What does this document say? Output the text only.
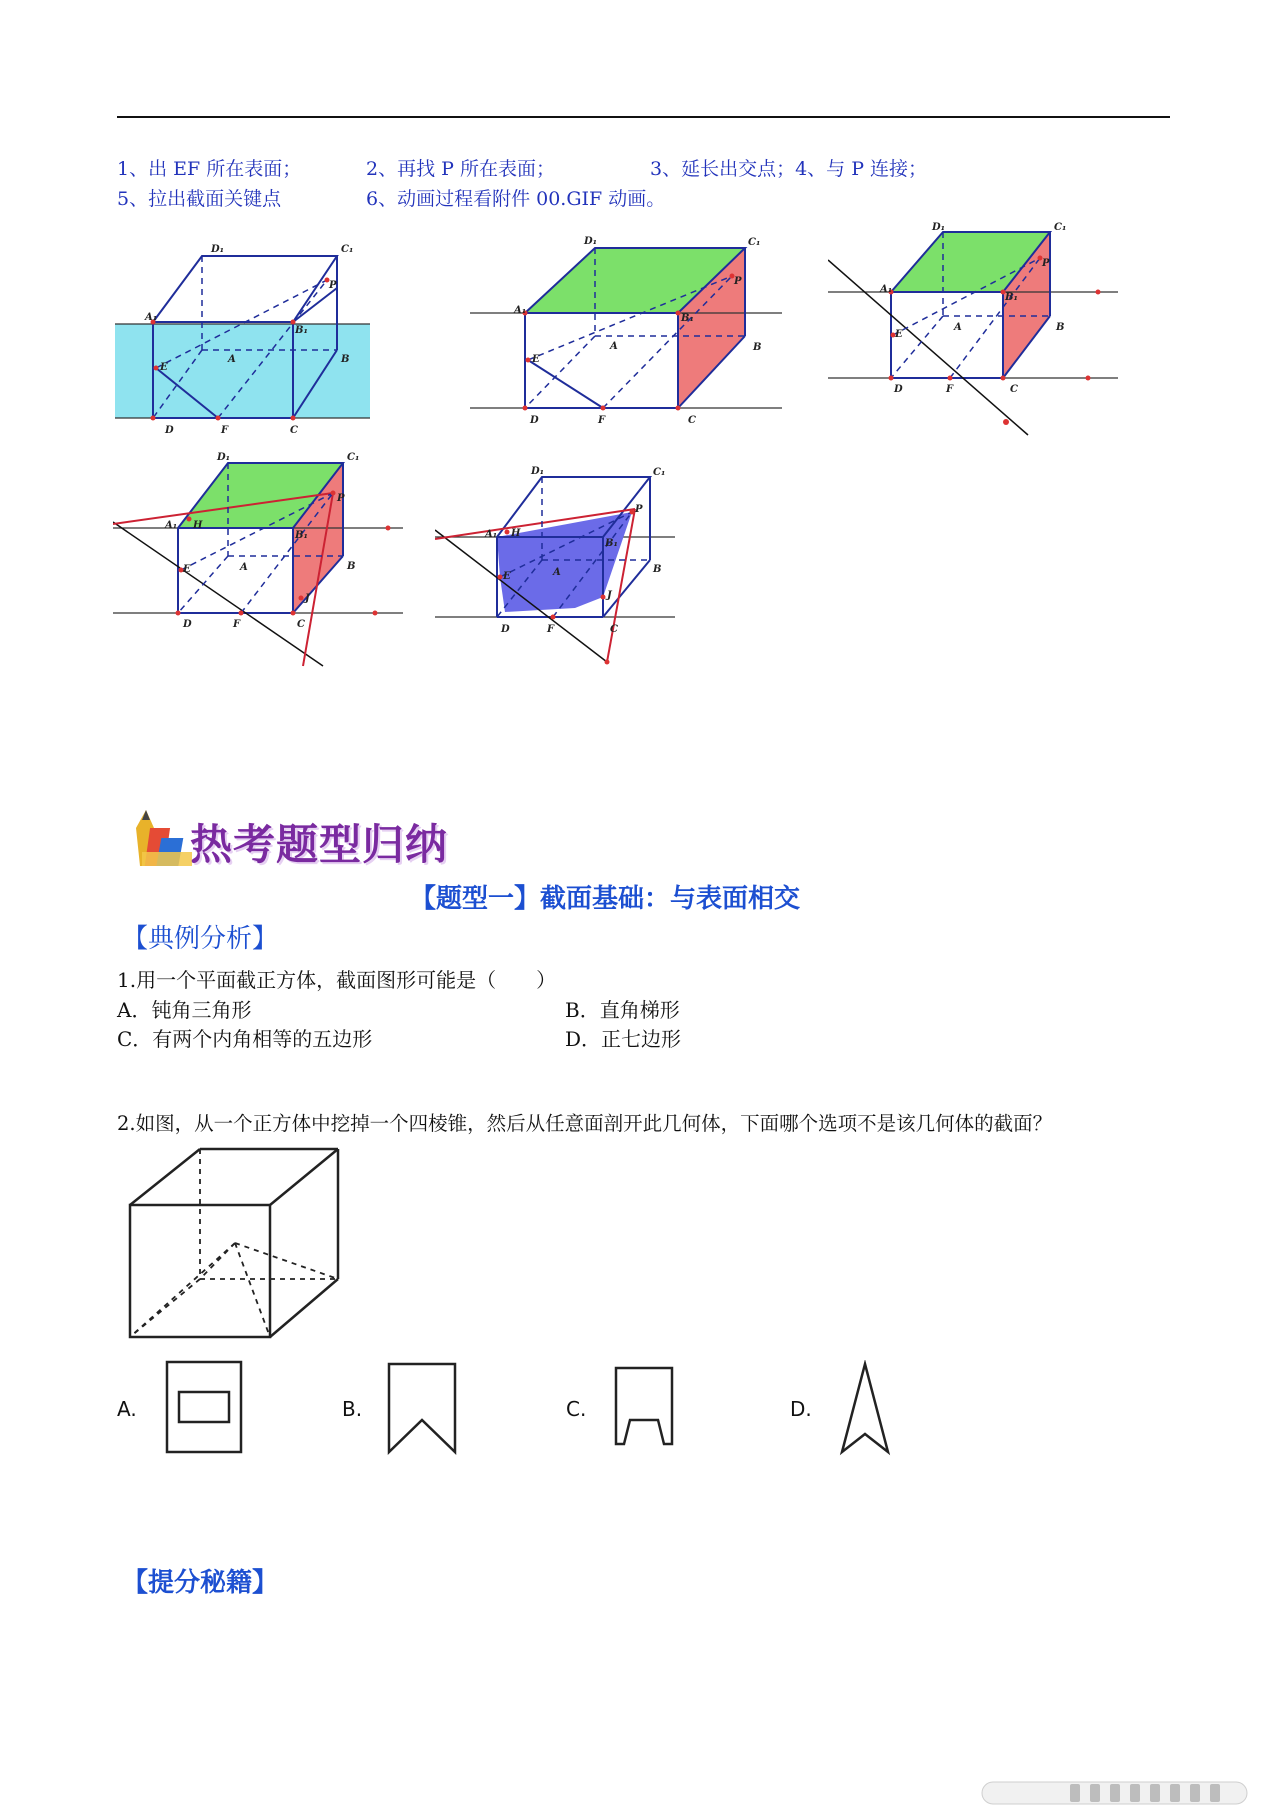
1、出 EF 所在表面；	2、再找 P 所在表面；	3、延长出交点；4、与 P 连接；
5、拉出截面关键点	6、动画过程看附件 00.GIF 动画。
D₁	C₁
A₁
B₁
A	B
C
D
E
F
P
D₁	C₁
A₁
B₁
A	B
C
D
E
F
P
D₁	C₁
A₁
B₁
A	B
C
D
E
F
P
D₁	C₁
A₁ H
B₁
A	B
C
D
E
F
P
J
D₁	C₁
A₁ H
B₁
A	B
C
D
E
F
P
J
热考题型归纳
【题型一】截面基础：与表面相交
【典例分析】
1.用一个平面截正方体，截面图形可能是（　　）
A．钝角三角形	B．直角梯形
C．有两个内角相等的五边形	D．正七边形
2.如图，从一个正方体中挖掉一个四棱锥，然后从任意面剖开此几何体，下面哪个选项不是该几何体的截面？
A.	B.	C.	D.
【提分秘籍】
